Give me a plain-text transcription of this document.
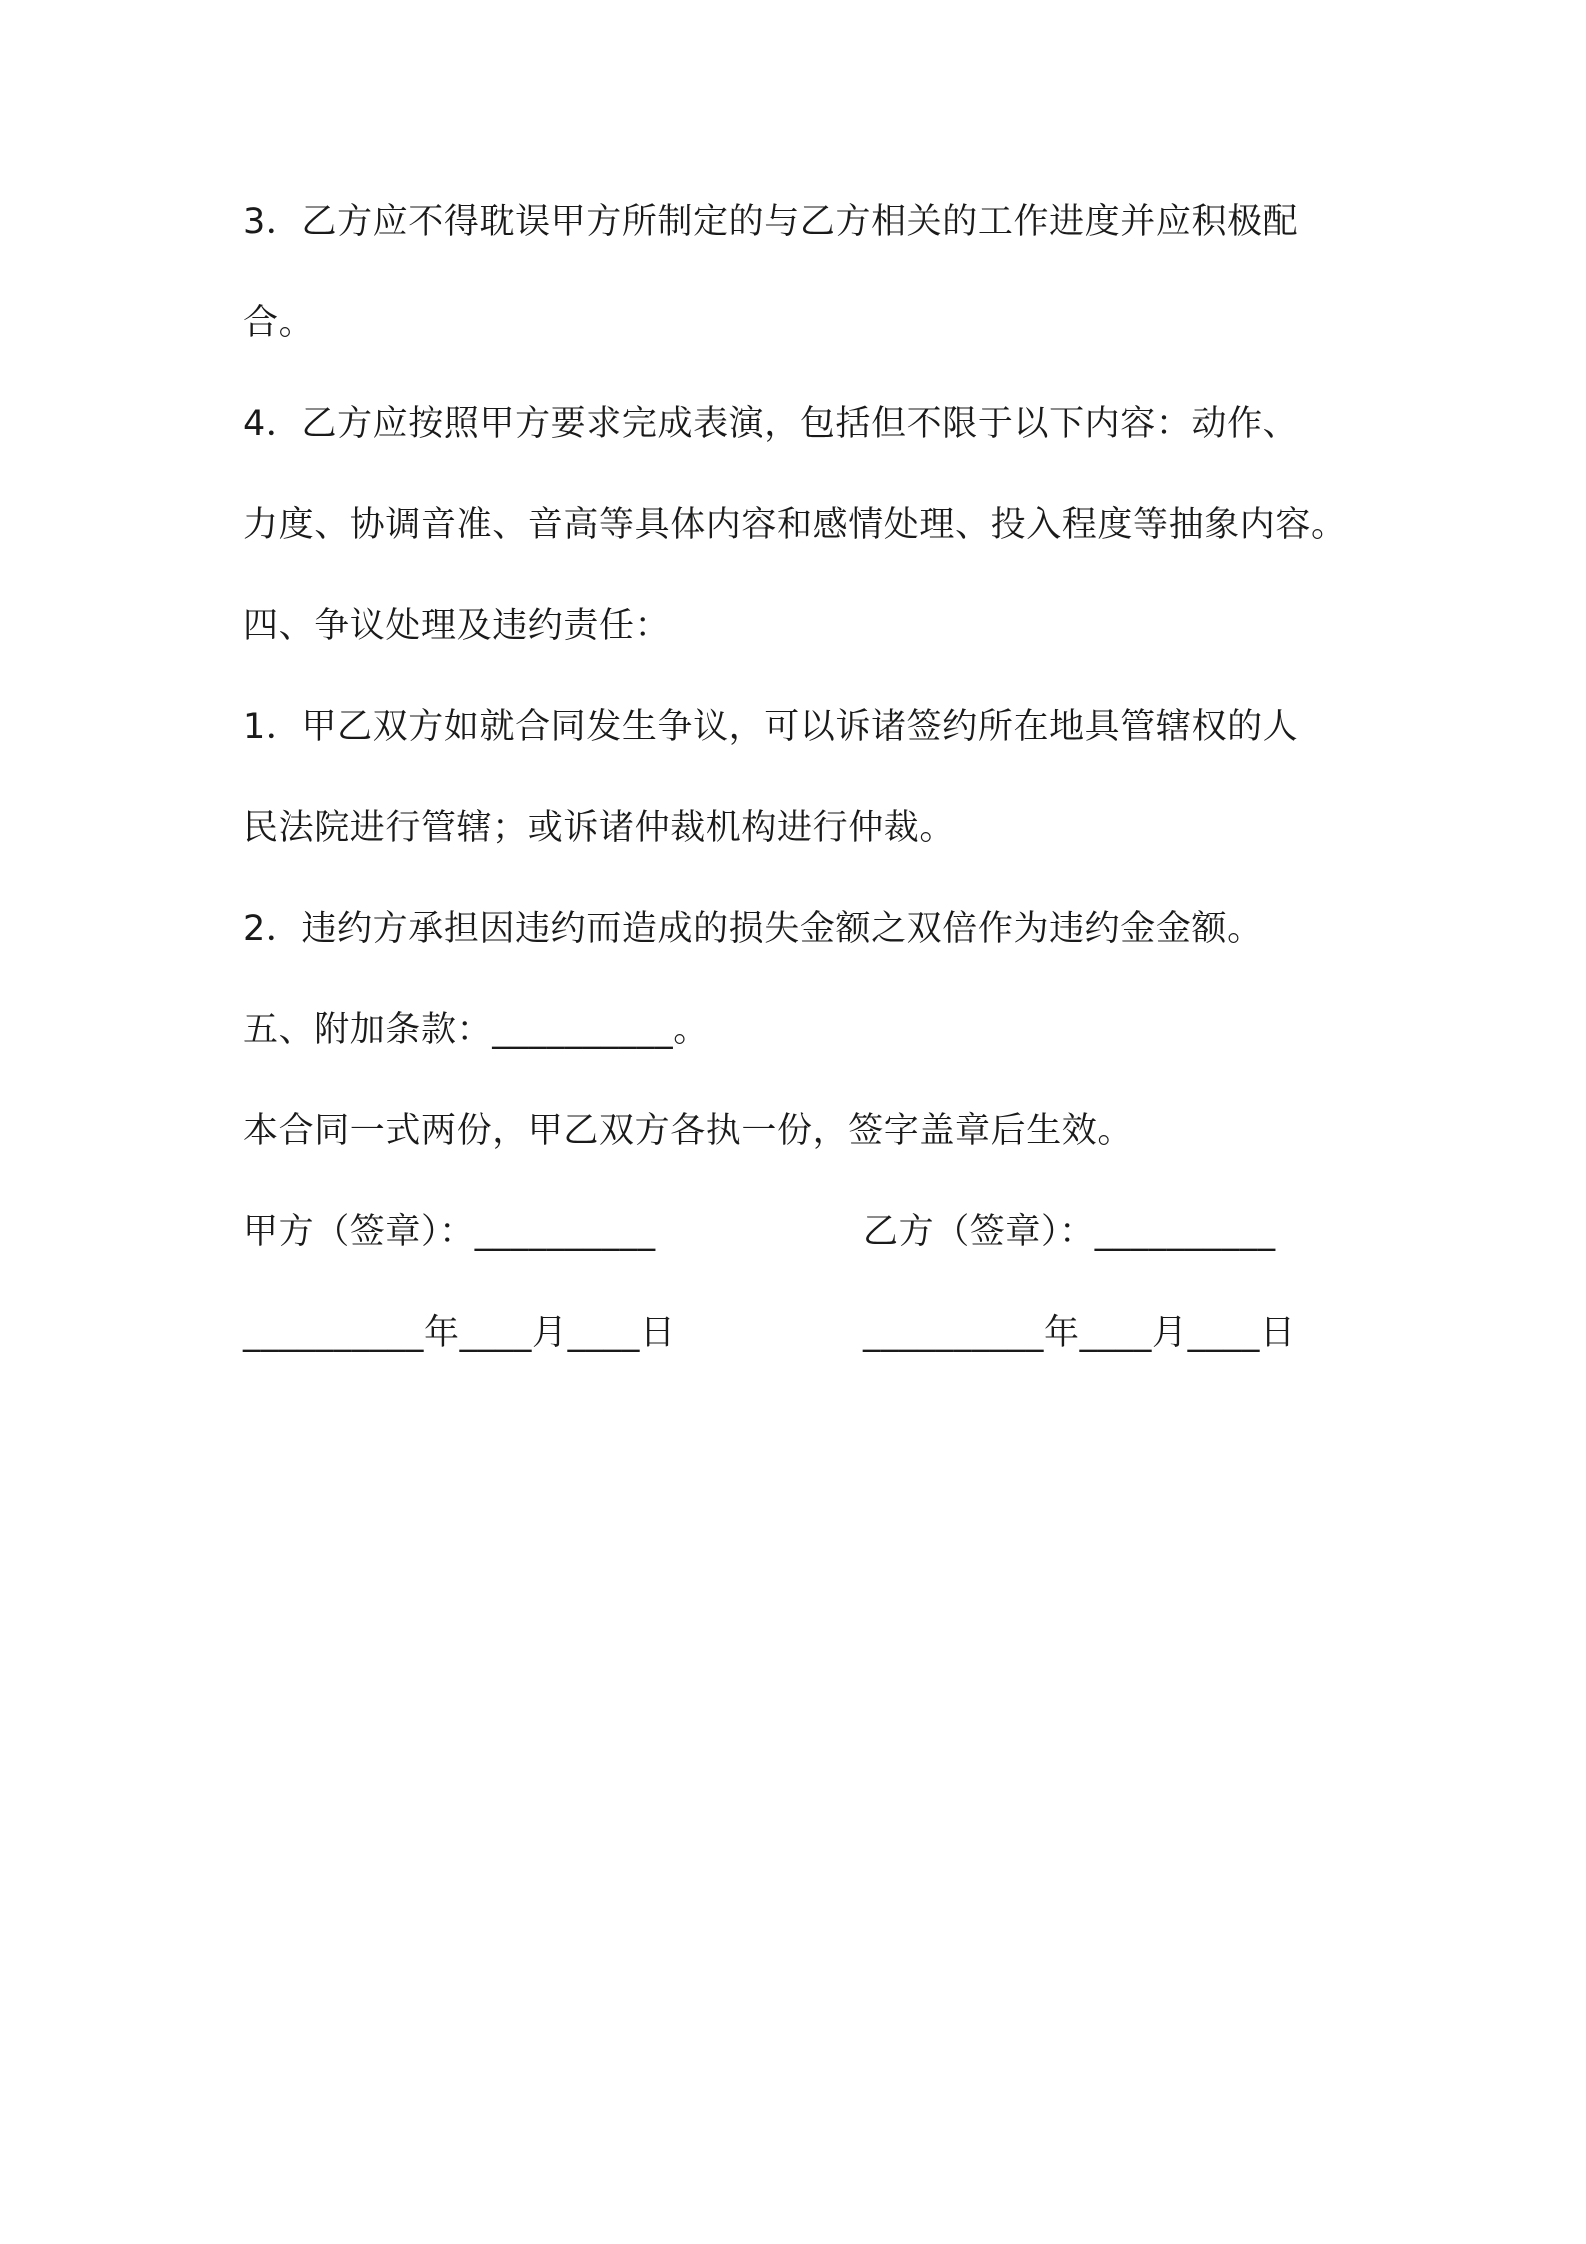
3．乙方应不得耽误甲方所制定的与乙方相关的工作进度并应积极配
合。
4．乙方应按照甲方要求完成表演，包括但不限于以下内容：动作、
力度、协调音准、音高等具体内容和感情处理、投入程度等抽象内容。
四、争议处理及违约责任：
1．甲乙双方如就合同发生争议，可以诉诸签约所在地具管辖权的人
民法院进行管辖；或诉诸仲裁机构进行仲裁。
2．违约方承担因违约而造成的损失金额之双倍作为违约金金额。
五、附加条款：__________。
本合同一式两份，甲乙双方各执一份，签字盖章后生效。
甲方（签章）：__________	乙方（签章）：__________
__________年____月____日	__________年____月____日
